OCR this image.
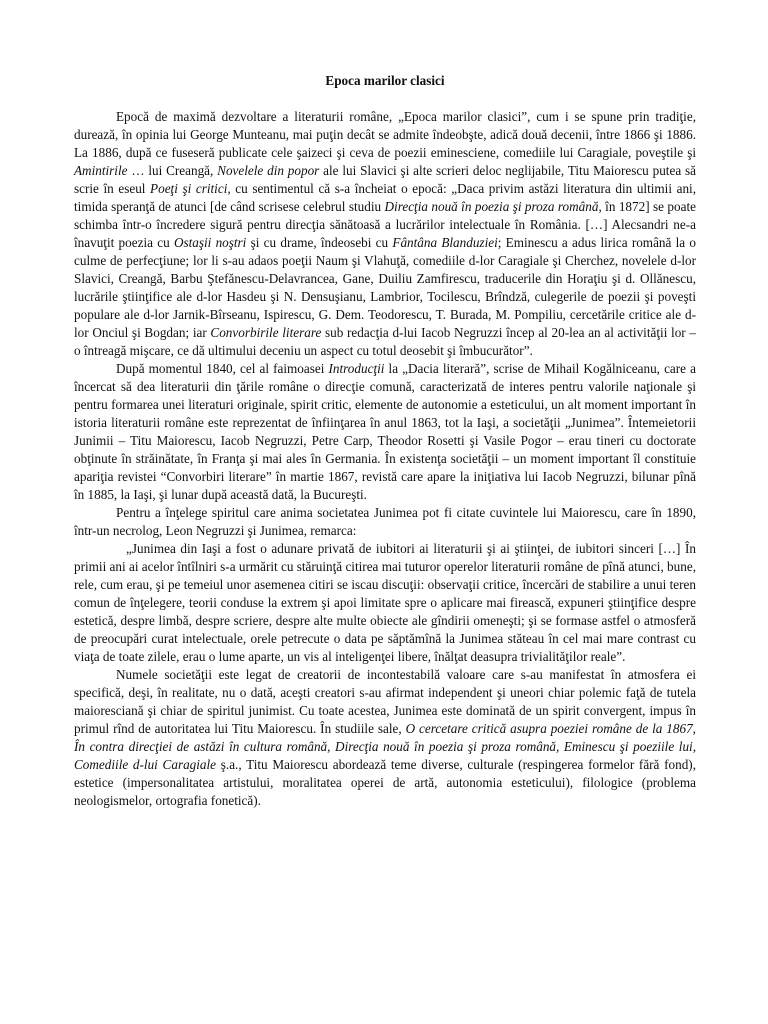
Epoca marilor clasici

Epocă de maximă dezvoltare a literaturii române, „Epoca marilor clasici”, cum i se spune prin tradiţie, durează, în opinia lui George Munteanu, mai puţin decât se admite îndeobşte, adică două decenii, între 1866 şi 1886. La 1886, după ce fuseseră publicate cele şaizeci şi ceva de poezii eminesciene, comediile lui Caragiale, poveştile şi Amintirile … lui Creangă, Novelele din popor ale lui Slavici şi alte scrieri deloc neglijabile, Titu Maiorescu putea să scrie în eseul Poeţi şi critici, cu sentimentul că s-a încheiat o epocă: „Daca privim astăzi literatura din ultimii ani, timida speranţă de atunci [de când scrisese celebrul studiu Direcţia nouă în poezia şi proza română, în 1872] se poate schimba într-o încredere sigură pentru direcţia sănătoasă a lucrărilor intelectuale în România. […] Alecsandri ne-a înavuţit poezia cu Ostaşii noştri şi cu drame, îndeosebi cu Fântâna Blanduziei; Eminescu a adus lirica română la o culme de perfecţiune; lor li s-au adaos poeţii Naum şi Vlahuţă, comediile d-lor Caragiale şi Cherchez, novelele d-lor Slavici, Creangă, Barbu Ştefănescu-Delavrancea, Gane, Duiliu Zamfirescu, traducerile din Horaţiu şi d. Ollănescu, lucrările ştiinţifice ale d-lor Hasdeu şi N. Densuşianu, Lambrior, Tocilescu, Brîndză, culegerile de poezii şi poveşti populare ale d-lor Jarnik-Bîrseanu, Ispirescu, G. Dem. Teodorescu, T. Burada, M. Pompiliu, cercetările critice ale d-lor Onciul şi Bogdan; iar Convorbirile literare sub redacţia d-lui Iacob Negruzzi încep al 20-lea an al activităţii lor – o întreagă mişcare, ce dă ultimului deceniu un aspect cu totul deosebit şi îmbucurător”.

După momentul 1840, cel al faimoasei Introducţii la „Dacia literară”, scrise de Mihail Kogălniceanu, care a încercat să dea literaturii din ţările române o direcţie comună, caracterizată de interes pentru valorile naţionale şi pentru formarea unei literaturi originale, spirit critic, elemente de autonomie a esteticului, un alt moment important în istoria literaturii române este reprezentat de înfiinţarea în anul 1863, tot la Iaşi, a societăţii „Junimea”. Întemeietorii Junimii – Titu Maiorescu, Iacob Negruzzi, Petre Carp, Theodor Rosetti şi Vasile Pogor – erau tineri cu doctorate obţinute în străinătate, în Franţa şi mai ales în Germania. În existenţa societăţii – un moment important îl constituie apariţia revistei “Convorbiri literare” în martie 1867, revistă care apare la iniţiativa lui Iacob Negruzzi, bilunar pînă în 1885, la Iaşi, şi lunar după această dată, la Bucureşti.

Pentru a înţelege spiritul care anima societatea Junimea pot fi citate cuvintele lui Maiorescu, care în 1890, într-un necrolog, Leon Negruzzi şi Junimea, remarca:

„Junimea din Iaşi a fost o adunare privată de iubitori ai literaturii şi ai ştiinţei, de iubitori sinceri […] În primii ani ai acelor întîlniri s-a urmărit cu stăruinţă citirea mai tuturor operelor literaturii române de pînă atunci, bune, rele, cum erau, şi pe temeiul unor asemenea citiri se iscau discuţii: observaţii critice, încercări de stabilire a unui teren comun de înţelegere, teorii conduse la extrem şi apoi limitate spre o aplicare mai firească, expuneri ştiinţifice despre estetică, despre limbă, despre scriere, despre alte multe obiecte ale gîndirii omeneşti; şi se formase astfel o atmosferă de preocupări curat intelectuale, orele petrecute o data pe săptămînă la Junimea stăteau în cel mai mare contrast cu viaţa de toate zilele, erau o lume aparte, un vis al inteligenţei libere, înălţat deasupra trivialităţilor reale”.

Numele societăţii este legat de creatorii de incontestabilă valoare care s-au manifestat în atmosfera ei specifică, deşi, în realitate, nu o dată, aceşti creatori s-au afirmat independent şi uneori chiar polemic faţă de tutela maioresciană şi chiar de spiritul junimist. Cu toate acestea, Junimea este dominată de un spirit convergent, impus în primul rînd de autoritatea lui Titu Maiorescu. În studiile sale, O cercetare critică asupra poeziei române de la 1867, În contra direcţiei de astăzi în cultura română, Direcţia nouă în poezia şi proza română, Eminescu şi poeziile lui, Comediile d-lui Caragiale ş.a., Titu Maiorescu abordează teme diverse, culturale (respingerea formelor fără fond), estetice (impersonalitatea artistului, moralitatea operei de artă, autonomia esteticului), filologice (problema neologismelor, ortografia fonetică).
